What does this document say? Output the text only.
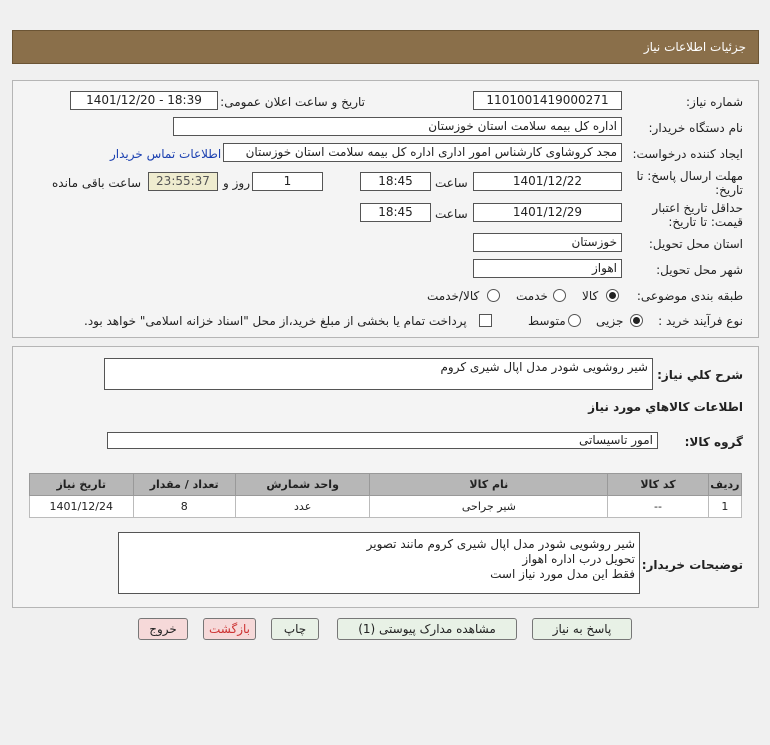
جزئیات اطلاعات نیاز
شماره نیاز:
1101001419000271
تاریخ و ساعت اعلان عمومی:
1401/12/20 - 18:39
نام دستگاه خریدار:
اداره کل بیمه سلامت استان خوزستان
ایجاد کننده درخواست:
مجد کروشاوی کارشناس امور اداری اداره کل بیمه سلامت استان خوزستان
اطلاعات تماس خریدار
مهلت ارسال پاسخ: تا
تاریخ:
1401/12/22
ساعت
18:45
1
روز و
23:55:37
ساعت باقی مانده
حداقل تاریخ اعتبار
قیمت: تا تاریخ:
1401/12/29
ساعت
18:45
استان محل تحویل:
خوزستان
شهر محل تحویل:
اهواز
طبقه بندی موضوعی:
کالا
خدمت
کالا/خدمت
نوع فرآیند خرید :
جزیی
متوسط
پرداخت تمام یا بخشی از مبلغ خرید،از محل "اسناد خزانه اسلامی" خواهد بود.
شرح کلي نياز:
شیر روشویی شودر مدل اپال شیری کروم
اطلاعات کالاهاي مورد نياز
گروه کالا:
امور تاسیساتی
ردیف	کد کالا	نام کالا	واحد شمارش	تعداد / مقدار	تاریخ نیاز
1	--	شیر جراحی	عدد	8	1401/12/24
توضیحات خریدار:
شیر روشویی شودر مدل اپال شیری کروم مانند تصویر
تحویل درب اداره اهواز
فقط این مدل مورد نیاز است
پاسخ به نیاز
مشاهده مدارک پیوستی (1)
چاپ
بازگشت
خروج
